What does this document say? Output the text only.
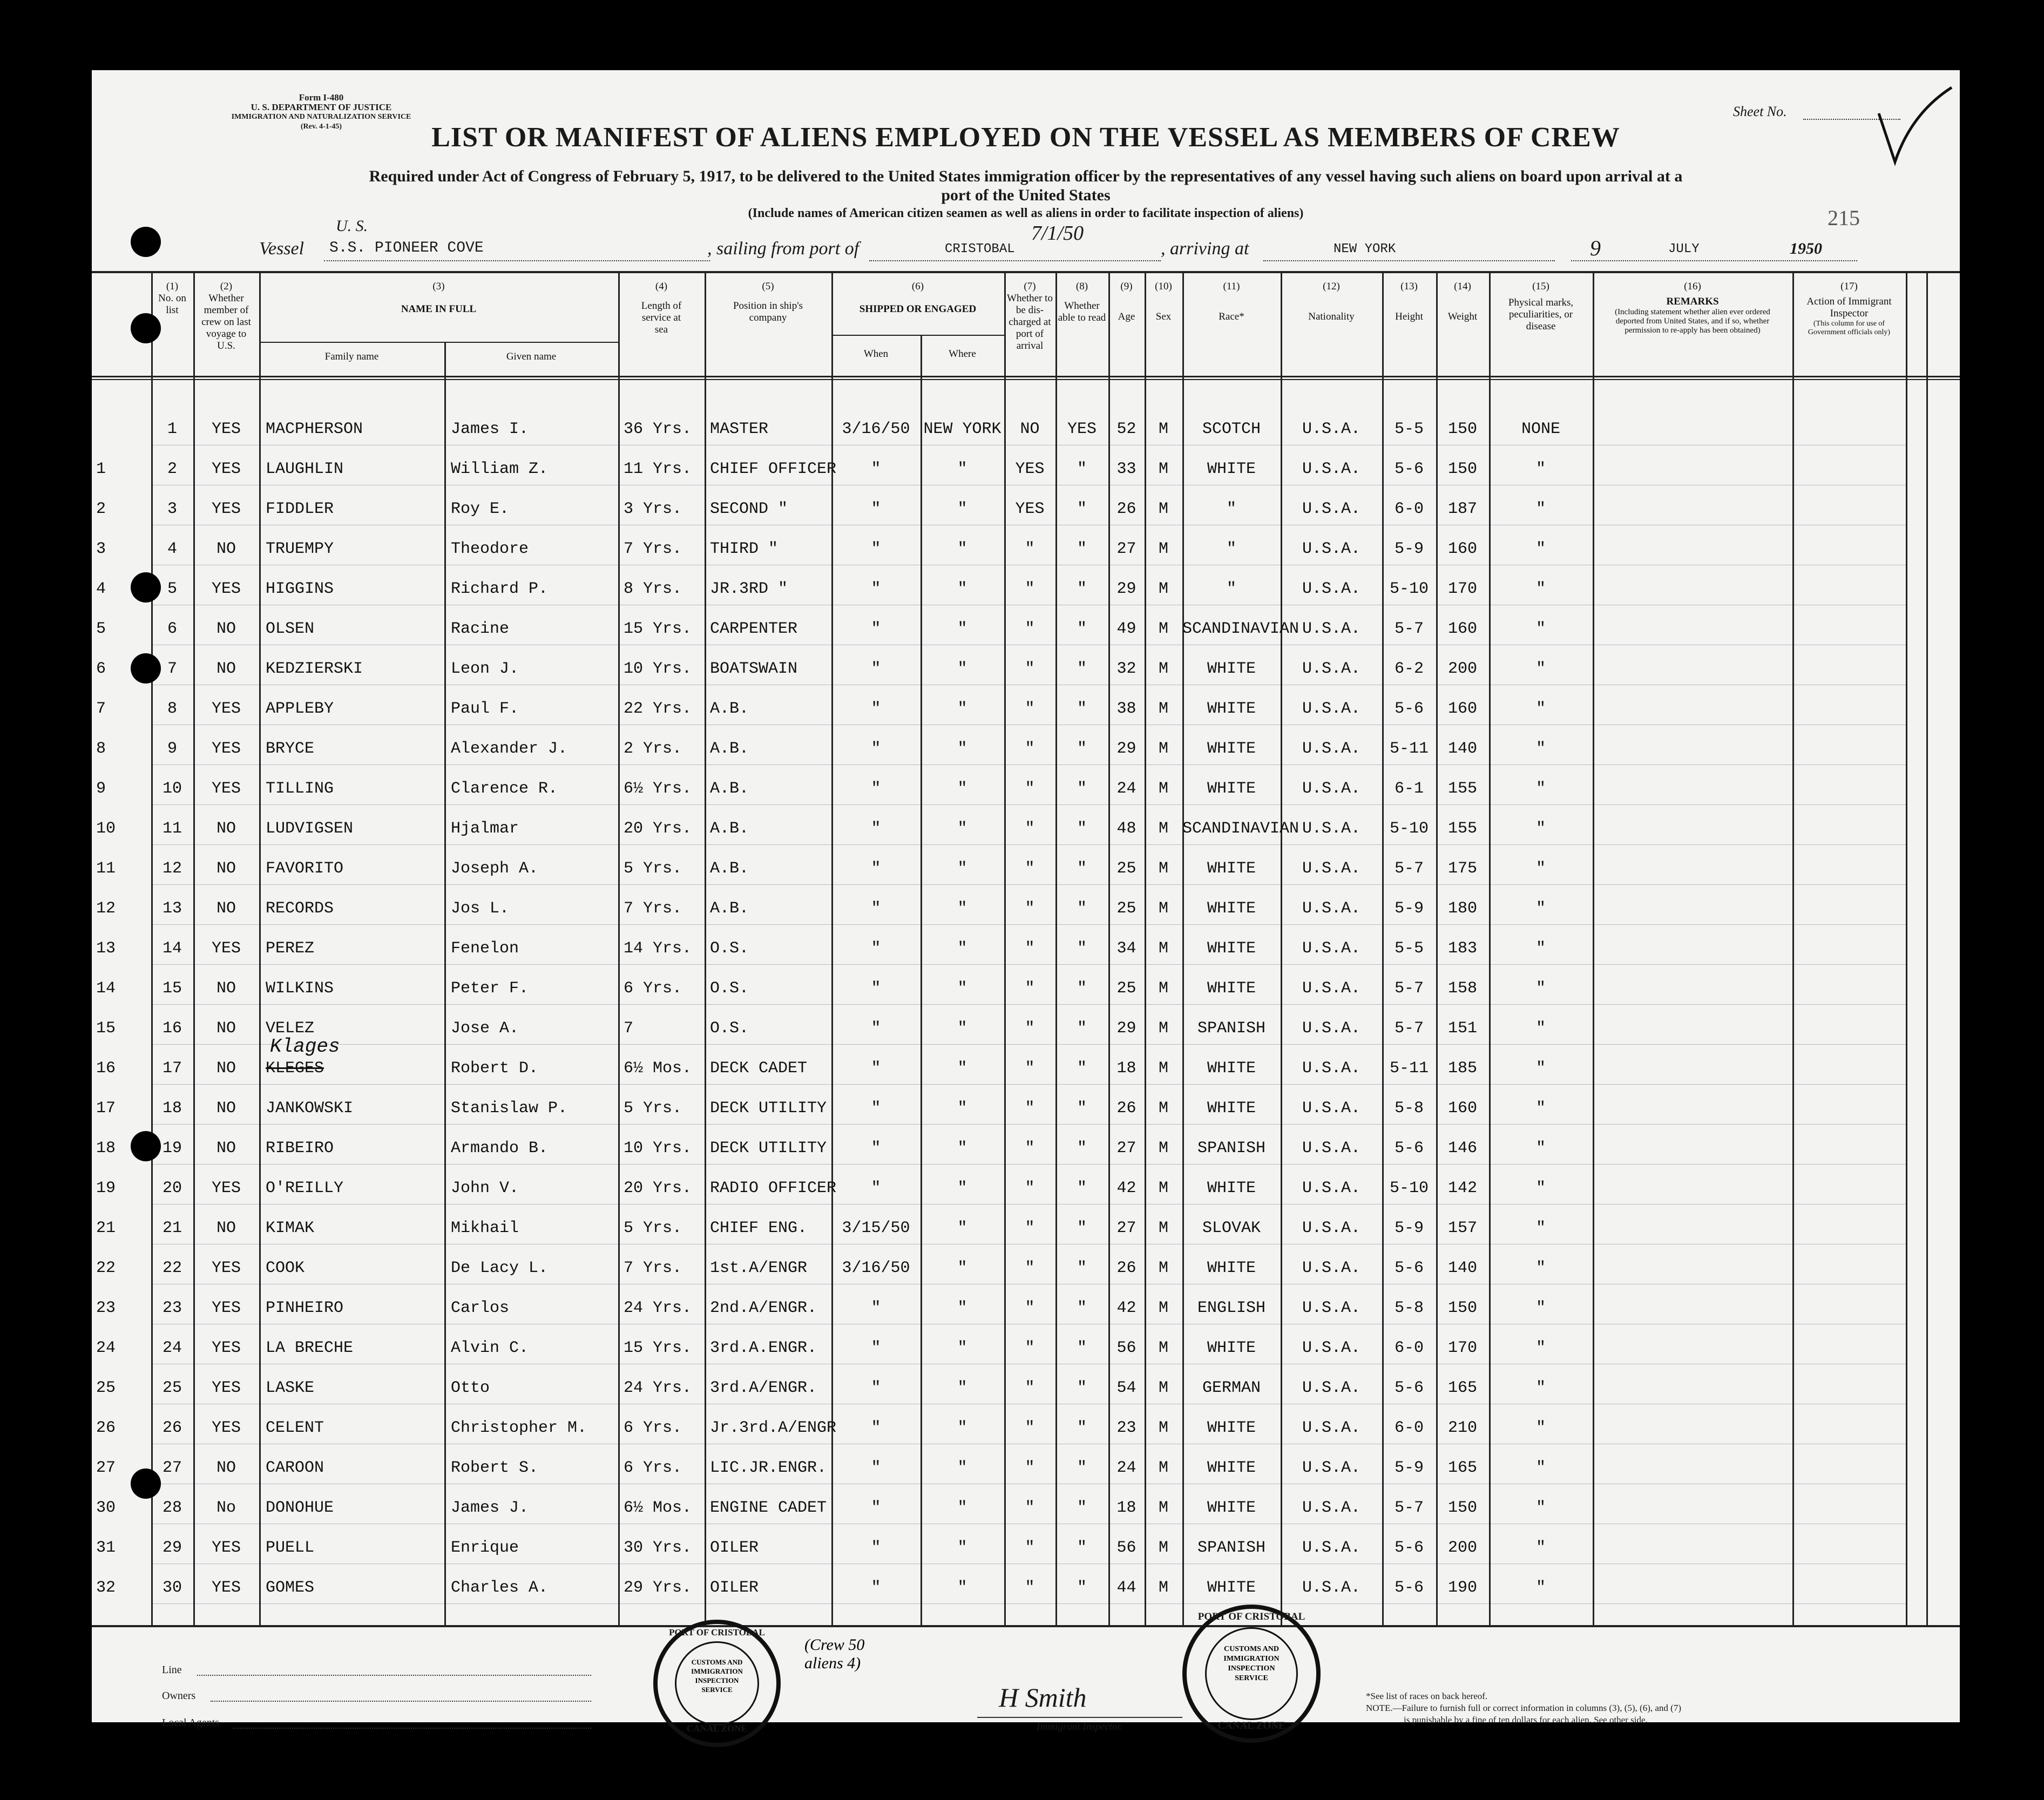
Form I-480
U. S. DEPARTMENT OF JUSTICE
IMMIGRATION AND NATURALIZATION SERVICE
(Rev. 4-1-45)
Sheet No.
LIST OR MANIFEST OF ALIENS EMPLOYED ON THE VESSEL AS MEMBERS OF CREW
Required under Act of Congress of February 5, 1917, to be delivered to the United States immigration officer by the representatives of any vessel having such aliens on board upon arrival at a
port of the United States
(Include names of American citizen seamen as well as aliens in order to facilitate inspection of aliens)	215
Vessel
U. S.
S.S. PIONEER COVE	, sailing from port of	CRISTOBAL
7/1/50
, arriving at	NEW YORK	9	JULY	1950
(1)
No. on list
(2)
Whether member of crew on last voyage to U.S.
(3)
NAME IN FULL
Family name	Given name
(4)
Length of service at sea
(5)
Position in ship's company
(6)
SHIPPED OR ENGAGED
When	Where
(7)
Whether to be dis-charged at port of arrival
(8)
Whether able to read
(9)
Age
(10)
Sex
(11)
Race*
(12)
Nationality
(13)
Height
(14)
Weight
(15)
Physical marks, peculiarities, or disease
(16)
REMARKS
(Including statement whether alien ever ordered deported from United States, and if so, whether permission to re-apply has been obtained)
(17)
Action of Immigrant Inspector
(This column for use of Government officials only)
1	YES	MACPHERSON	James I.	36 Yrs. MASTER	3/16/50 NEW YORK	NO	YES	52	M	SCOTCH	U.S.A.	5-5	150	NONE
1	2	YES	LAUGHLIN	William Z.	11 Yrs. CHIEF OFFICER	"	"	YES	"	33	M	WHITE	U.S.A.	5-6	150	"
2	3	YES	FIDDLER	Roy E.	3 Yrs. SECOND "	"	"	YES	"	26	M	"	U.S.A.	6-0	187	"
3	4	NO	TRUEMPY	Theodore	7 Yrs. THIRD "	"	"	"	"	27	M	"	U.S.A.	5-9	160	"
4	5	YES	HIGGINS	Richard P.	8 Yrs. JR.3RD "	"	"	"	"	29	M	"	U.S.A.	5-10	170	"
5	6	NO	OLSEN	Racine	15 Yrs. CARPENTER	"	"	"	"	49	M SCANDINAVIAN U.S.A.	5-7	160	"
6	7	NO	KEDZIERSKI	Leon J.	10 Yrs. BOATSWAIN	"	"	"	"	32	M	WHITE	U.S.A.	6-2	200	"
7	8	YES	APPLEBY	Paul F.	22 Yrs. A.B.	"	"	"	"	38	M	WHITE	U.S.A.	5-6	160	"
8	9	YES	BRYCE	Alexander J.	2 Yrs. A.B.	"	"	"	"	29	M	WHITE	U.S.A.	5-11	140	"
9	10	YES	TILLING	Clarence R.	6½ Yrs. A.B.	"	"	"	"	24	M	WHITE	U.S.A.	6-1	155	"
10	11	NO	LUDVIGSEN	Hjalmar	20 Yrs. A.B.	"	"	"	"	48	M SCANDINAVIAN U.S.A.	5-10	155	"
11	12	NO	FAVORITO	Joseph A.	5 Yrs. A.B.	"	"	"	"	25	M	WHITE	U.S.A.	5-7	175	"
12	13	NO	RECORDS	Jos L.	7 Yrs. A.B.	"	"	"	"	25	M	WHITE	U.S.A.	5-9	180	"
13	14	YES	PEREZ	Fenelon	14 Yrs. O.S.	"	"	"	"	34	M	WHITE	U.S.A.	5-5	183	"
14	15	NO	WILKINS	Peter F.	6 Yrs. O.S.	"	"	"	"	25	M	WHITE	U.S.A.	5-7	158	"
15	16	NO	VELEZ	Jose A.	7	O.S.	"	"	"	"	29	M	SPANISH	U.S.A.	5-7	151	"
16	17	NO	KLEGES	Robert D.	6½ Mos. DECK CADET	"	"	"	"	18	M	WHITE	U.S.A.	5-11	185	"
Klages
17	18	NO	JANKOWSKI	Stanislaw P.	5 Yrs. DECK UTILITY	"	"	"	"	26	M	WHITE	U.S.A.	5-8	160	"
18	19	NO	RIBEIRO	Armando B.	10 Yrs. DECK UTILITY	"	"	"	"	27	M	SPANISH	U.S.A.	5-6	146	"
19	20	YES	O'REILLY	John V.	20 Yrs. RADIO OFFICER	"	"	"	"	42	M	WHITE	U.S.A.	5-10	142	"
21	21	NO	KIMAK	Mikhail	5 Yrs. CHIEF ENG.	3/15/50	"	"	"	27	M	SLOVAK	U.S.A.	5-9	157	"
22	22	YES	COOK	De Lacy L.	7 Yrs. 1st.A/ENGR	3/16/50	"	"	"	26	M	WHITE	U.S.A.	5-6	140	"
23	23	YES	PINHEIRO	Carlos	24 Yrs. 2nd.A/ENGR.	"	"	"	"	42	M	ENGLISH	U.S.A.	5-8	150	"
24	24	YES	LA BRECHE	Alvin C.	15 Yrs. 3rd.A.ENGR.	"	"	"	"	56	M	WHITE	U.S.A.	6-0	170	"
25	25	YES	LASKE	Otto	24 Yrs. 3rd.A/ENGR.	"	"	"	"	54	M	GERMAN	U.S.A.	5-6	165	"
26	26	YES	CELENT	Christopher M. 6 Yrs. Jr.3rd.A/ENGR	"	"	"	"	23	M	WHITE	U.S.A.	6-0	210	"
27	27	NO	CAROON	Robert S.	6 Yrs. LIC.JR.ENGR.	"	"	"	"	24	M	WHITE	U.S.A.	5-9	165	"
30	28	No	DONOHUE	James J.	6½ Mos. ENGINE CADET	"	"	"	"	18	M	WHITE	U.S.A.	5-7	150	"
31	29	YES	PUELL	Enrique	30 Yrs. OILER	"	"	"	"	56	M	SPANISH	U.S.A.	5-6	200	"
32	30	YES	GOMES	Charles A.	29 Yrs. OILER	"	"	"	"	44	M	WHITE	U.S.A.	5-6	190	"
Line
Owners
Local Agents
PORT OF CRISTOBAL
CUSTOMS AND IMMIGRATION INSPECTION SERVICE
CANAL ZONE
(Crew 50 aliens 4)
H Smith
Immigrant Inspector.
PORT OF CRISTOBAL
CUSTOMS AND IMMIGRATION INSPECTION SERVICE
CANAL ZONE
*See list of races on back hereof.
NOTE.—Failure to furnish full or correct information in columns (3), (5), (6), and (7)
is punishable by a fine of ten dollars for each alien. See other side.
